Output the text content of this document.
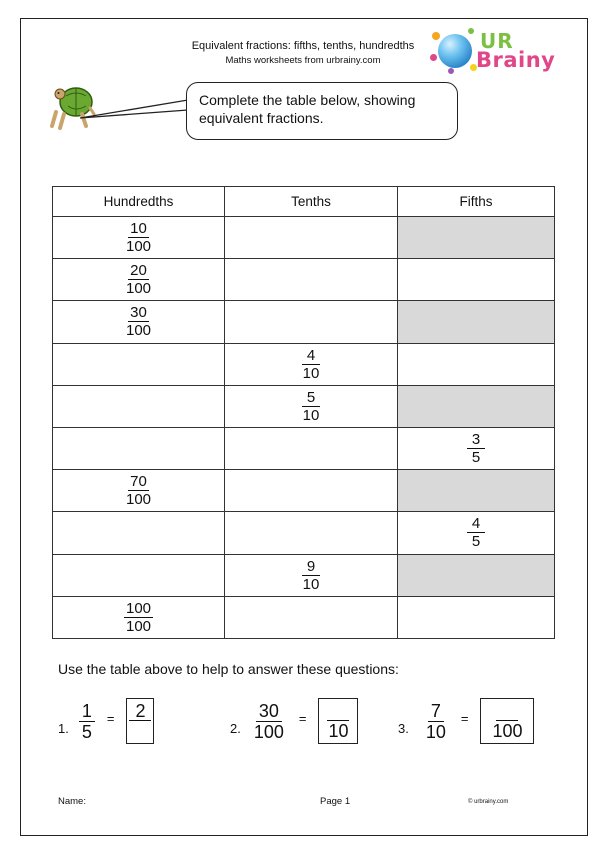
Equivalent fractions: fifths, tenths, hundredths
Maths worksheets from urbrainy.com
UR
Brainy
Complete the table below, showing equivalent fractions.
Hundredths	Tenths	Fifths

$\frac{10}{100}$

$\frac{20}{100}$

$\frac{30}{100}$

	$\frac{4}{10}$

	$\frac{5}{10}$

		$\frac{3}{5}$

$\frac{70}{100}$

		$\frac{4}{5}$

	$\frac{9}{10}$

$\frac{100}{100}$

Use the table above to help to answer these questions:
1. $\frac{1}{5}$ =	2
2. $\frac{30}{100}$ =
10	3. $\frac{7}{10}$ =
100
Name:	Page 1	© urbrainy.com
